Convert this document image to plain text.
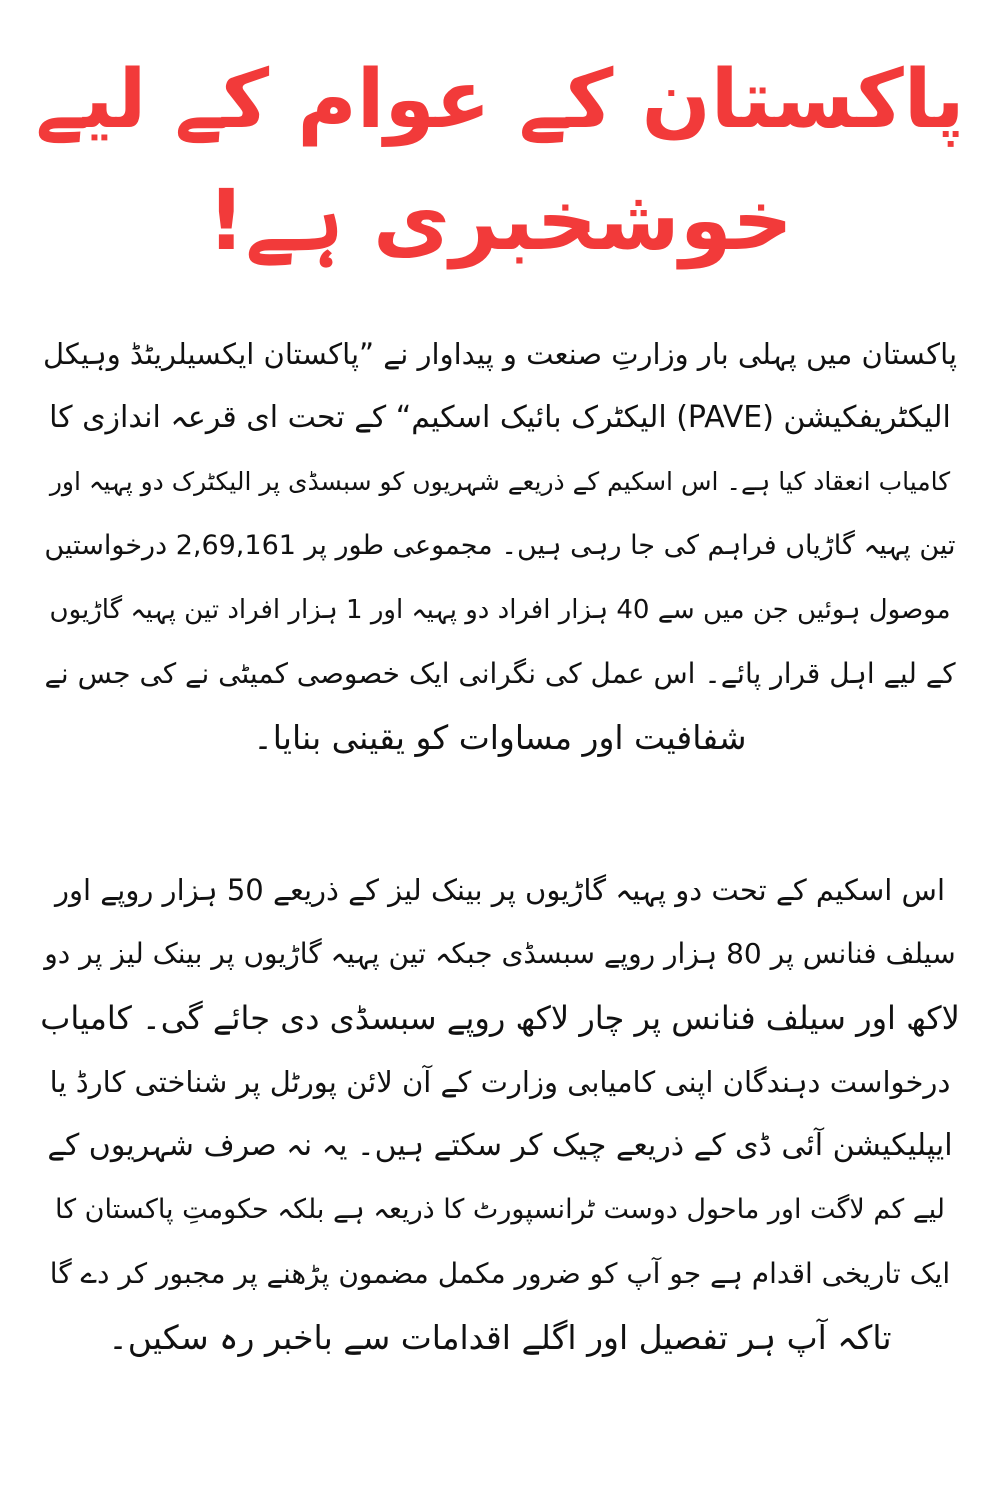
پاکستان کے عوام کے لیے
خوشخبری ہے!
پاکستان میں پہلی بار وزارتِ صنعت و پیداوار نے ”پاکستان ایکسیلریٹڈ وہیکل
الیکٹریفکیشن (PAVE) الیکٹرک بائیک اسکیم“ کے تحت ای قرعہ اندازی کا
کامیاب انعقاد کیا ہے۔ اس اسکیم کے ذریعے شہریوں کو سبسڈی پر الیکٹرک دو پہیہ اور
تین پہیہ گاڑیاں فراہم کی جا رہی ہیں۔ مجموعی طور پر 2,69,161 درخواستیں
موصول ہوئیں جن میں سے 40 ہزار افراد دو پہیہ اور 1 ہزار افراد تین پہیہ گاڑیوں
کے لیے اہل قرار پائے۔ اس عمل کی نگرانی ایک خصوصی کمیٹی نے کی جس نے
شفافیت اور مساوات کو یقینی بنایا۔
اس اسکیم کے تحت دو پہیہ گاڑیوں پر بینک لیز کے ذریعے 50 ہزار روپے اور
سیلف فنانس پر 80 ہزار روپے سبسڈی جبکہ تین پہیہ گاڑیوں پر بینک لیز پر دو
لاکھ اور سیلف فنانس پر چار لاکھ روپے سبسڈی دی جائے گی۔ کامیاب
درخواست دہندگان اپنی کامیابی وزارت کے آن لائن پورٹل پر شناختی کارڈ یا
ایپلیکیشن آئی ڈی کے ذریعے چیک کر سکتے ہیں۔ یہ نہ صرف شہریوں کے
لیے کم لاگت اور ماحول دوست ٹرانسپورٹ کا ذریعہ ہے بلکہ حکومتِ پاکستان کا
ایک تاریخی اقدام ہے جو آپ کو ضرور مکمل مضمون پڑھنے پر مجبور کر دے گا
تاکہ آپ ہر تفصیل اور اگلے اقدامات سے باخبر رہ سکیں۔
